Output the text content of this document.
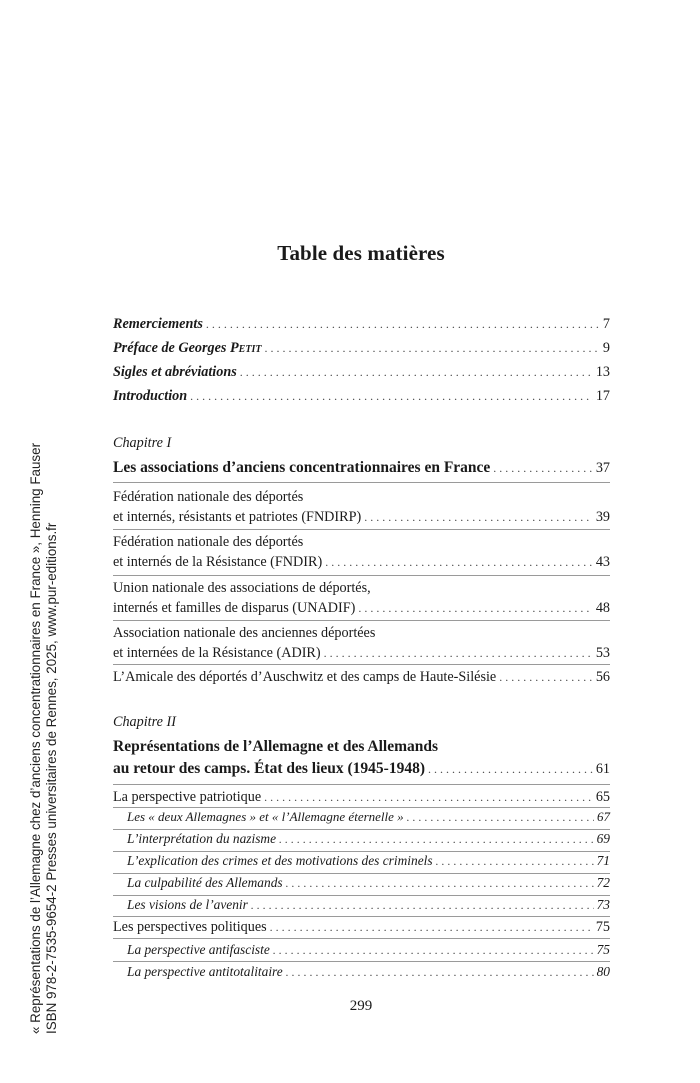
Table des matières
Remerciements . . .	7
Préface de Georges Petit . . .	9
Sigles et abréviations . . .	13
Introduction . . .	17
Chapitre I
Les associations d’anciens concentrationnaires en France . . .	37
Fédération nationale des déportés
et internés, résistants et patriotes (FNDIRP) . . .	39
Fédération nationale des déportés
et internés de la Résistance (FNDIR) . . .	43
Union nationale des associations de déportés,
internés et familles de disparus (UNADIF) . . .	48
Association nationale des anciennes déportées
et internées de la Résistance (ADIR) . . .	53
L’Amicale des déportés d’Auschwitz et des camps de Haute-Silésie . . .	56
Chapitre II
Représentations de l’Allemagne et des Allemands
au retour des camps. État des lieux (1945-1948) . . .	61
La perspective patriotique . . .	65
Les « deux Allemagnes » et « l’Allemagne éternelle » . . .	67
L’interprétation du nazisme . . .	69
L’explication des crimes et des motivations des criminels . . .	71
La culpabilité des Allemands . . .	72
Les visions de l’avenir . . .	73
Les perspectives politiques . . .	75
La perspective antifasciste . . .	75
La perspective antitotalitaire . . .	80
299
« Représentations de l’Allemagne chez d’anciens concentrationnaires en France », Henning Fauser ISBN 978-2-7535-9654-2 Presses universitaires de Rennes, 2025, www.pur-editions.fr
